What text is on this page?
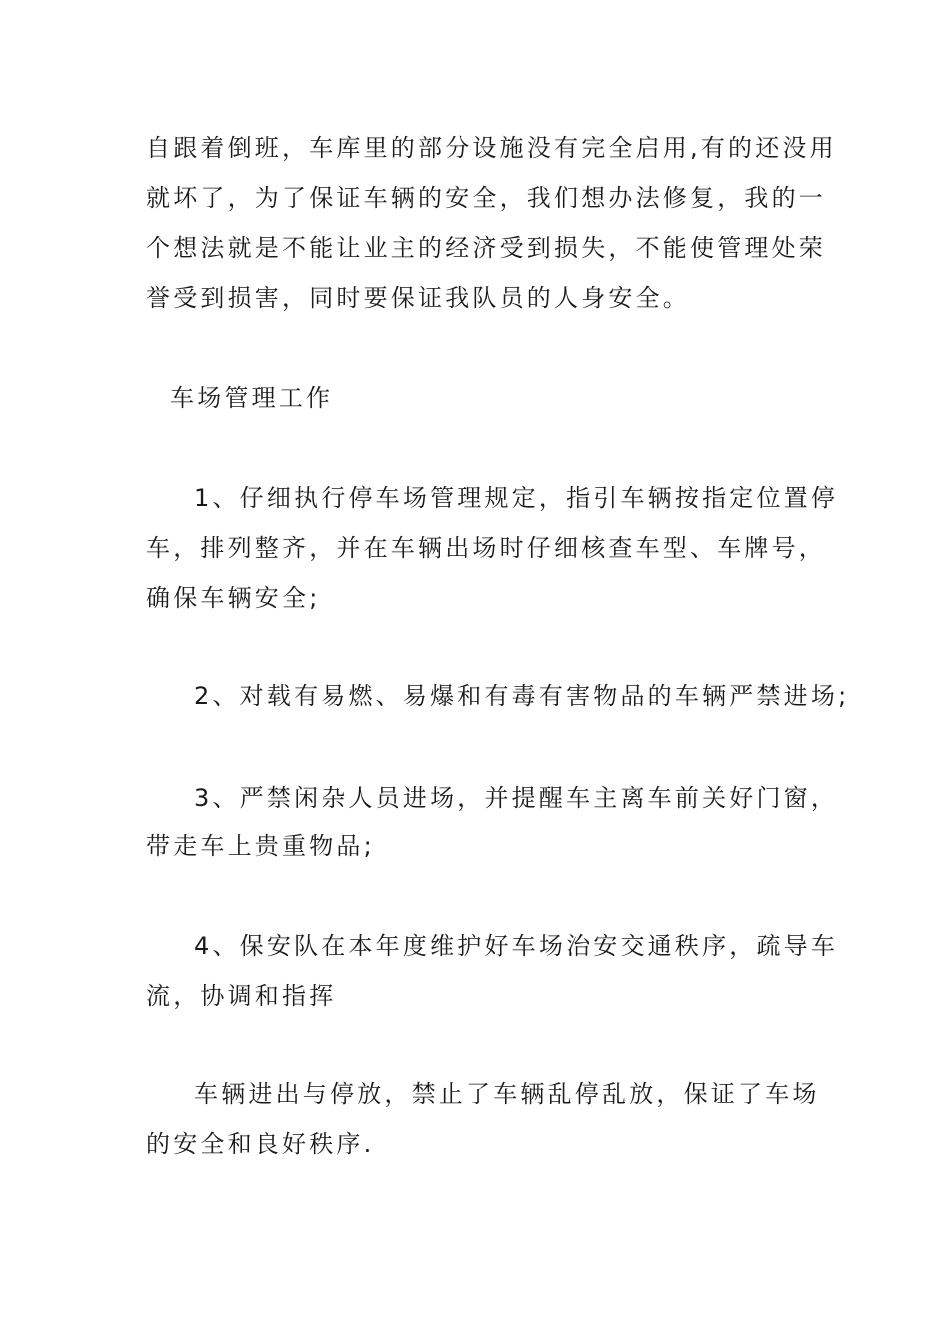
自跟着倒班，车库里的部分设施没有完全启用,有的还没用
就坏了，为了保证车辆的安全，我们想办法修复，我的一
个想法就是不能让业主的经济受到损失，不能使管理处荣
誉受到损害，同时要保证我队员的人身安全。
车场管理工作
1、仔细执行停车场管理规定，指引车辆按指定位置停
车，排列整齐，并在车辆出场时仔细核查车型、车牌号，
确保车辆安全;
2、对载有易燃、易爆和有毒有害物品的车辆严禁进场;
3、严禁闲杂人员进场，并提醒车主离车前关好门窗，
带走车上贵重物品;
4、保安队在本年度维护好车场治安交通秩序，疏导车
流，协调和指挥
车辆进出与停放，禁止了车辆乱停乱放，保证了车场
的安全和良好秩序.
